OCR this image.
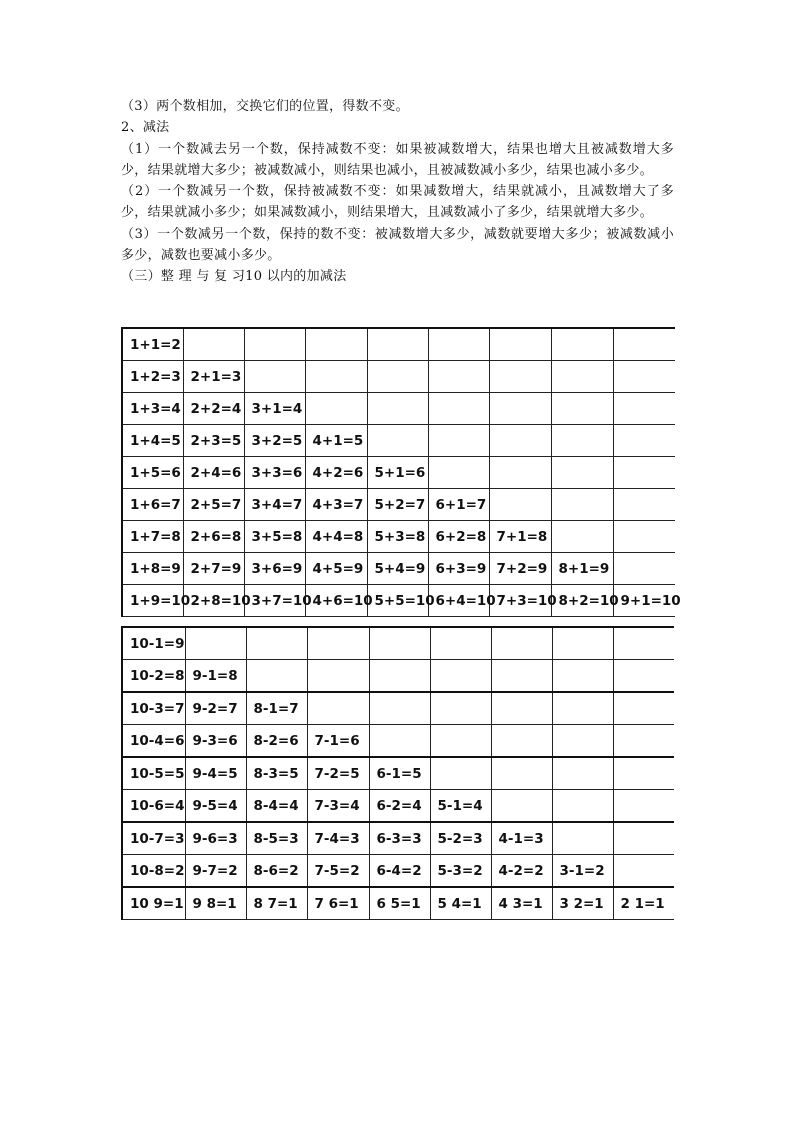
（3）两个数相加，交换它们的位置，得数不变。

2、减法

（1）一个数减去另一个数，保持减数不变：如果被减数增大，结果也增大且被减数增大多少，结果就增大多少；被减数减小，则结果也减小，且被减数减小多少，结果也减小多少。

（2）一个数减另一个数，保持被减数不变：如果减数增大，结果就减小，且减数增大了多少，结果就减小多少；如果减数减小，则结果增大，且减数减小了多少，结果就增大多少。

（3）一个数减另一个数，保持的数不变：被减数增大多少，减数就要增大多少；被减数减小多少，减数也要减小多少。

（三）整 理 与 复 习10 以内的加减法

1+1=2								
1+2=3	2+1=3							
1+3=4	2+2=4	3+1=4						
1+4=5	2+3=5	3+2=5	4+1=5					
1+5=6	2+4=6	3+3=6	4+2=6	5+1=6				
1+6=7	2+5=7	3+4=7	4+3=7	5+2=7	6+1=7			
1+7=8	2+6=8	3+5=8	4+4=8	5+3=8	6+2=8	7+1=8		
1+8=9	2+7=9	3+6=9	4+5=9	5+4=9	6+3=9	7+2=9	8+1=9	
1+9=10	2+8=10	3+7=10	4+6=10	5+5=10	6+4=10	7+3=10	8+2=10	9+1=10
10-1=9								
10-2=8	9-1=8							
10-3=7	9-2=7	8-1=7						
10-4=6	9-3=6	8-2=6	7-1=6					
10-5=5	9-4=5	8-3=5	7-2=5	6-1=5				
10-6=4	9-5=4	8-4=4	7-3=4	6-2=4	5-1=4			
10-7=3	9-6=3	8-5=3	7-4=3	6-3=3	5-2=3	4-1=3		
10-8=2	9-7=2	8-6=2	7-5=2	6-4=2	5-3=2	4-2=2	3-1=2	
10 9=1	9 8=1	8 7=1	7 6=1	6 5=1	5 4=1	4 3=1	3 2=1	2 1=1
